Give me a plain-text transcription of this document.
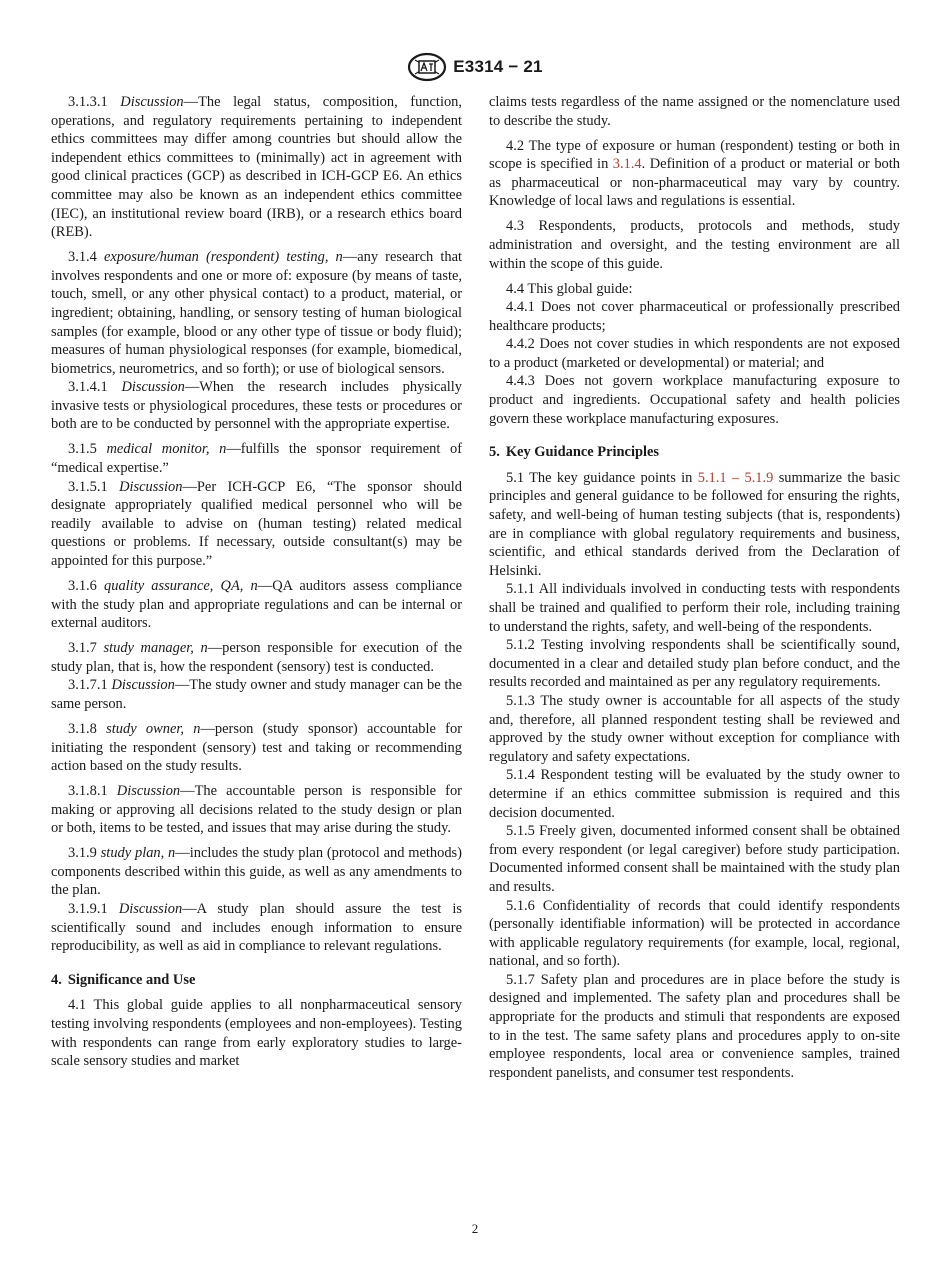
E3314 − 21

3.1.3.1 Discussion—The legal status, composition, function, operations, and regulatory requirements pertaining to independent ethics committees may differ among countries but should allow the independent ethics committees to (minimally) act in agreement with good clinical practices (GCP) as described in ICH-GCP E6. An ethics committee may also be known as an independent ethics committee (IEC), an institutional review board (IRB), or a research ethics board (REB).

3.1.4 exposure/human (respondent) testing, n—any research that involves respondents and one or more of: exposure (by means of taste, touch, smell, or any other physical contact) to a product, material, or ingredient; obtaining, handling, or sensory testing of human biological samples (for example, blood or any other type of tissue or body fluid); measures of human physiological responses (for example, biomedical, biometrics, neurometrics, and so forth); or use of biological sensors.

3.1.4.1 Discussion—When the research includes physically invasive tests or physiological procedures, these tests or procedures or both are to be conducted by personnel with the appropriate expertise.

3.1.5 medical monitor, n—fulfills the sponsor requirement of “medical expertise.”

3.1.5.1 Discussion—Per ICH-GCP E6, “The sponsor should designate appropriately qualified medical personnel who will be readily available to advise on (human testing) related medical questions or problems. If necessary, outside consultant(s) may be appointed for this purpose.”

3.1.6 quality assurance, QA, n—QA auditors assess compliance with the study plan and appropriate regulations and can be internal or external auditors.

3.1.7 study manager, n—person responsible for execution of the study plan, that is, how the respondent (sensory) test is conducted.

3.1.7.1 Discussion—The study owner and study manager can be the same person.

3.1.8 study owner, n—person (study sponsor) accountable for initiating the respondent (sensory) test and taking or recommending action based on the study results.

3.1.8.1 Discussion—The accountable person is responsible for making or approving all decisions related to the study design or plan or both, items to be tested, and issues that may arise during the study.

3.1.9 study plan, n—includes the study plan (protocol and methods) components described within this guide, as well as any amendments to the plan.

3.1.9.1 Discussion—A study plan should assure the test is scientifically sound and includes enough information to ensure reproducibility, as well as aid in compliance to relevant regulations.

4. Significance and Use

4.1 This global guide applies to all nonpharmaceutical sensory testing involving respondents (employees and non-employees). Testing with respondents can range from early exploratory studies to large-scale sensory studies and market

claims tests regardless of the name assigned or the nomenclature used to describe the study.

4.2 The type of exposure or human (respondent) testing or both in scope is specified in 3.1.4. Definition of a product or material or both as pharmaceutical or non-pharmaceutical may vary by country. Knowledge of local laws and regulations is essential.

4.3 Respondents, products, protocols and methods, study administration and oversight, and the testing environment are all within the scope of this guide.

4.4 This global guide:

4.4.1 Does not cover pharmaceutical or professionally prescribed healthcare products;

4.4.2 Does not cover studies in which respondents are not exposed to a product (marketed or developmental) or material; and

4.4.3 Does not govern workplace manufacturing exposure to product and ingredients. Occupational safety and health policies govern these workplace manufacturing exposures.

5. Key Guidance Principles

5.1 The key guidance points in 5.1.1 – 5.1.9 summarize the basic principles and general guidance to be followed for ensuring the rights, safety, and well-being of human testing subjects (that is, respondents) are in compliance with global regulatory requirements and business, scientific, and ethical standards derived from the Declaration of Helsinki.

5.1.1 All individuals involved in conducting tests with respondents shall be trained and qualified to perform their role, including training to understand the rights, safety, and well-being of the respondents.

5.1.2 Testing involving respondents shall be scientifically sound, documented in a clear and detailed study plan before conduct, and the results recorded and maintained as per any regulatory requirements.

5.1.3 The study owner is accountable for all aspects of the study and, therefore, all planned respondent testing shall be reviewed and approved by the study owner without exception for compliance with regulatory and safety expectations.

5.1.4 Respondent testing will be evaluated by the study owner to determine if an ethics committee submission is required and this decision documented.

5.1.5 Freely given, documented informed consent shall be obtained from every respondent (or legal caregiver) before study participation. Documented informed consent shall be maintained with the study plan and results.

5.1.6 Confidentiality of records that could identify respondents (personally identifiable information) will be protected in accordance with applicable regulatory requirements (for example, local, regional, national, and so forth).

5.1.7 Safety plan and procedures are in place before the study is designed and implemented. The safety plan and procedures shall be appropriate for the products and stimuli that respondents are exposed to in the test. The same safety plans and procedures apply to on-site employee respondents, local area or convenience samples, trained respondent panelists, and consumer test respondents.

2
